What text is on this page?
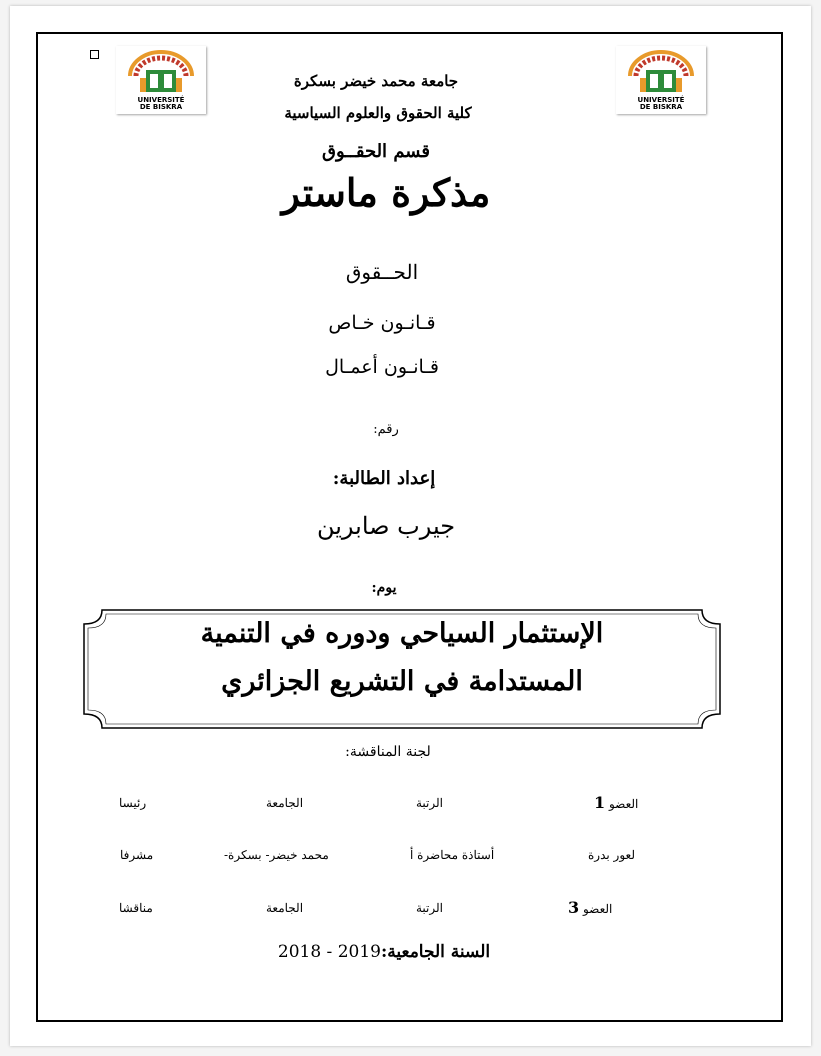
UNIVERSITÉ
DE BISKRA
UNIVERSITÉ
DE BISKRA
جامعة محمد خيضر بسكرة
كلية الحقوق والعلوم السياسية
قسم الحقــوق
مذكرة ماستر
الحــقوق
قـانـون خـاص
قـانـون أعمـال
رقم:
إعداد الطالبة:
جيرب صابرين
يوم:
الإستثمار السياحي ودوره في التنمية
المستدامة في التشريع الجزائري
لجنة المناقشة:
العضو 1
الرتبة
الجامعة
رئيسا
لعور بدرة
أستاذة محاضرة أ
محمد خيضر- بسكرة-
مشرفا
العضو 3
الرتبة
الجامعة
مناقشا
2018 - 2019السنة الجامعية:
